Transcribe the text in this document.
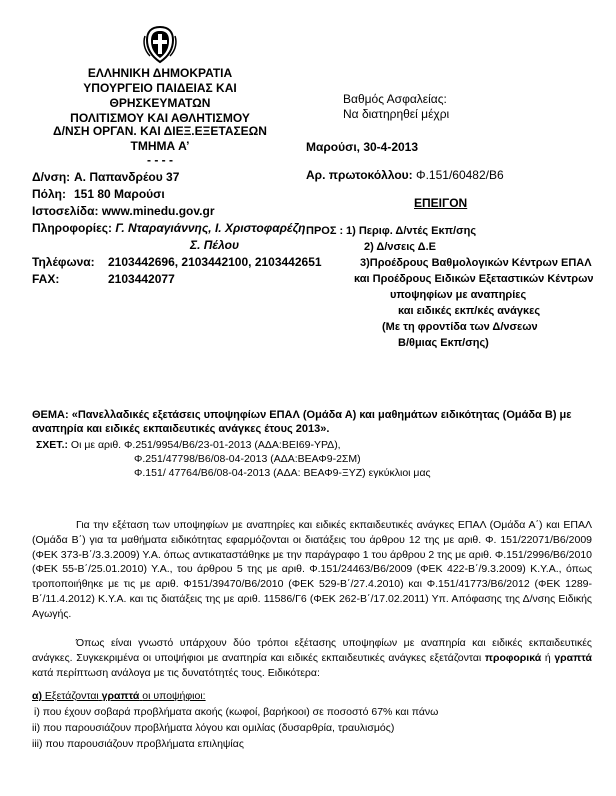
ΕΛΛΗΝΙΚΗ ΔΗΜΟΚΡΑΤΙΑ
ΥΠΟΥΡΓΕΙΟ ΠΑΙΔΕΙΑΣ ΚΑΙ ΘΡΗΣΚΕΥΜΑΤΩΝ
ΠΟΛΙΤΙΣΜΟΥ ΚΑΙ ΑΘΛΗΤΙΣΜΟΥ
Δ/ΝΣΗ ΟΡΓΑΝ. ΚΑΙ ΔΙΕΞ.ΕΞΕΤΑΣΕΩΝ
ΤΜΗΜΑ Α’
- - - -
Βαθμός Ασφαλείας:
Να διατηρηθεί μέχρι
Μαρούσι, 30-4-2013
Αρ. πρωτοκόλλου: Φ.151/60482/Β6
ΕΠΕΙΓΟΝ
Δ/νση: Α. Παπανδρέου 37
Πόλη: 151 80 Μαρούσι
Ιστοσελίδα: www.minedu.gov.gr
Πληροφορίες: Γ. Νταραγιάννης, Ι. Χριστοφαρέζη
Σ. Πέλου
Τηλέφωνα: 2103442696, 2103442100, 2103442651
FAX:	2103442077
ΠΡΟΣ : 1) Περιφ. Δ/ντές Εκπ/σης
2) Δ/νσεις Δ.Ε
3)Προέδρους Βαθμολογικών Κέντρων ΕΠΑΛ
και Προέδρους Ειδικών Εξεταστικών Κέντρων
υποψηφίων με αναπηρίες
και ειδικές εκπ/κές ανάγκες
(Με τη φροντίδα των Δ/νσεων
Β/θμιας Εκπ/σης)
ΘΕΜΑ: «Πανελλαδικές εξετάσεις υποψηφίων ΕΠΑΛ (Ομάδα Α) και μαθημάτων ειδικότητας (Ομάδα Β) με
αναπηρία και ειδικές εκπαιδευτικές ανάγκες έτους 2013».
ΣΧΕΤ.: Οι με αριθ. Φ.251/9954/Β6/23-01-2013 (ΑΔΑ:ΒΕΙ69-ΥΡΔ),
Φ.251/47798/Β6/08-04-2013 (ΑΔΑ:ΒΕΑΦ9-2ΣΜ)
Φ.151/ 47764/Β6/08-04-2013 (ΑΔΑ: ΒΕΑΦ9-ΞΥΖ) εγκύκλιοι μας
Για την εξέταση των υποψηφίων με αναπηρίες και ειδικές εκπαιδευτικές ανάγκες ΕΠΑΛ (Ομάδα Α΄) και ΕΠΑΛ (Ομάδα Β΄) για τα μαθήματα ειδικότητας εφαρμόζονται οι διατάξεις του άρθρου 12 της με αριθ. Φ. 151/22071/Β6/2009 (ΦΕΚ 373-Β΄/3.3.2009) Υ.Α. όπως αντικαταστάθηκε με την παράγραφο 1 του άρθρου 2 της με αριθ. Φ.151/2996/Β6/2010 (ΦΕΚ 55-Β΄/25.01.2010) Υ.Α., του άρθρου 5 της με αριθ. Φ.151/24463/Β6/2009 (ΦΕΚ 422-Β΄/9.3.2009) Κ.Υ.Α., όπως τροποποιήθηκε με τις με αριθ. Φ151/39470/Β6/2010 (ΦΕΚ 529-Β΄/27.4.2010) και Φ.151/41773/Β6/2012 (ΦΕΚ 1289-Β΄/11.4.2012) Κ.Υ.Α. και τις διατάξεις της με αριθ. 11586/Γ6 (ΦΕΚ 262-Β΄/17.02.2011) Υπ. Απόφασης της Δ/νσης Ειδικής Αγωγής.
Όπως είναι γνωστό υπάρχουν δύο τρόποι εξέτασης υποψηφίων με αναπηρία και ειδικές εκπαιδευτικές ανάγκες. Συγκεκριμένα οι υποψήφιοι με αναπηρία και ειδικές εκπαιδευτικές ανάγκες εξετάζονται προφορικά ή γραπτά κατά περίπτωση ανάλογα με τις δυνατότητές τους. Ειδικότερα:
α) Εξετάζονται γραπτά οι υποψήφιοι:
i) που έχουν σοβαρά προβλήματα ακοής (κωφοί, βαρήκοοι) σε ποσοστό 67% και πάνω
ii) που παρουσιάζουν προβλήματα λόγου και ομιλίας (δυσαρθρία, τραυλισμός)
iii) που παρουσιάζουν προβλήματα επιληψίας
